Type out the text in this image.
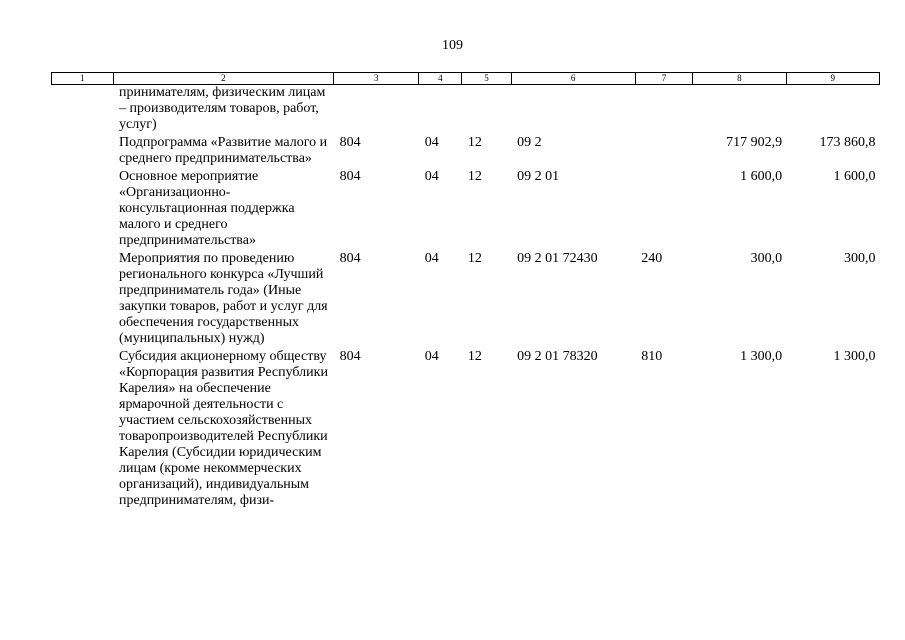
109
1	2	3	4	5	6	7	8	9
	принимателям, физическим лицам – производителям товаров, работ, услуг)							
	Подпрограмма «Развитие малого и среднего предпринимательства»	804	04	12	09 2		717 902,9	173 860,8
	Основное мероприятие «Организационно-консультационная поддержка малого и среднего предпринимательства»	804	04	12	09 2 01		1 600,0	1 600,0
	Мероприятия по проведению регионального конкурса «Лучший предприниматель года» (Иные закупки товаров, работ и услуг для обеспечения государственных (муниципальных) нужд)	804	04	12	09 2 01 72430	240	300,0	300,0
	Субсидия акционерному обществу «Корпорация развития Республики Карелия» на обеспечение ярмарочной деятельности с участием сельскохозяйственных товаропроизводителей Республики Карелия (Субсидии юридическим лицам (кроме некоммерческих организаций), индивидуальным предпринимателям, физи-	804	04	12	09 2 01 78320	810	1 300,0	1 300,0
